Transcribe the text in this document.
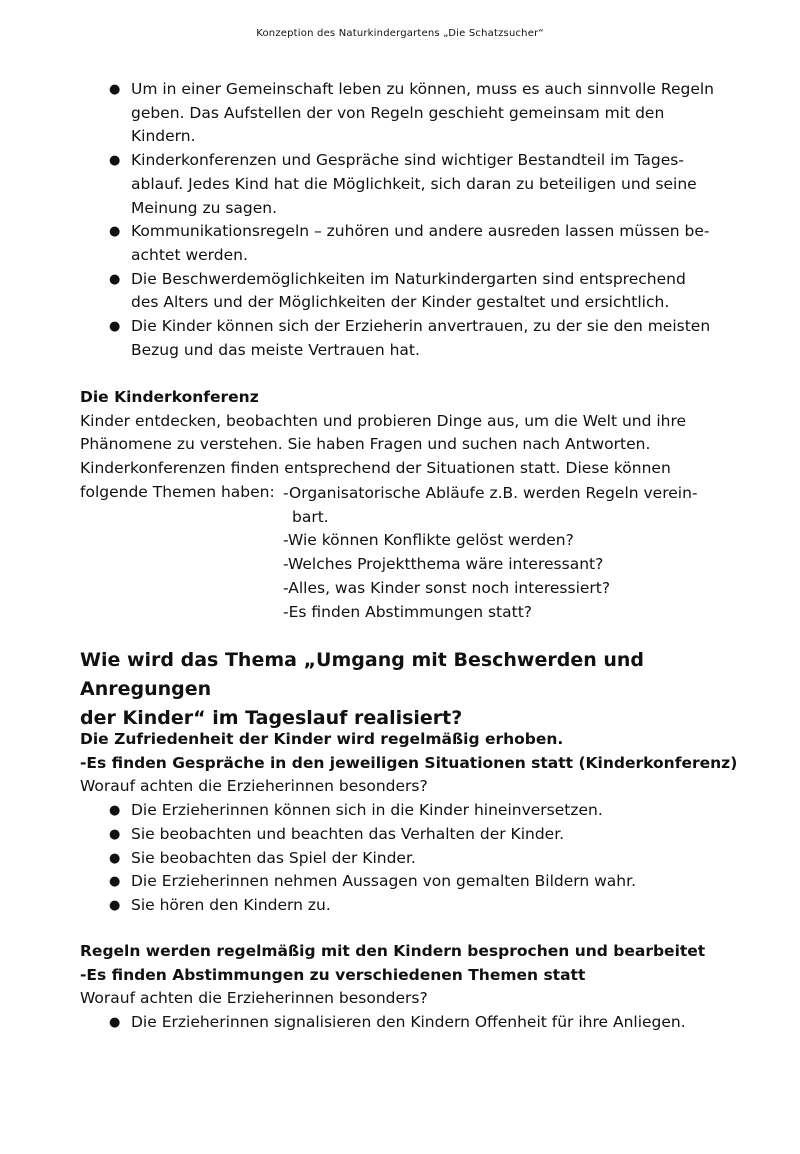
Konzeption des Naturkindergartens „Die Schatzsucher“
● Um in einer Gemeinschaft leben zu können, muss es auch sinnvolle Regeln
geben. Das Aufstellen der von Regeln geschieht gemeinsam mit den
Kindern.
● Kinderkonferenzen und Gespräche sind wichtiger Bestandteil im Tages-
ablauf. Jedes Kind hat die Möglichkeit, sich daran zu beteiligen und seine
Meinung zu sagen.
● Kommunikationsregeln – zuhören und andere ausreden lassen müssen be-
achtet werden.
● Die Beschwerdemöglichkeiten im Naturkindergarten sind entsprechend
des Alters und der Möglichkeiten der Kinder gestaltet und ersichtlich.
● Die Kinder können sich der Erzieherin anvertrauen, zu der sie den meisten
Bezug und das meiste Vertrauen hat.
Die Kinderkonferenz
Kinder entdecken, beobachten und probieren Dinge aus, um die Welt und ihre
Phänomene zu verstehen. Sie haben Fragen und suchen nach Antworten.
Kinderkonferenzen finden entsprechend der Situationen statt. Diese können
folgende Themen haben: -Organisatorische Abläufe z.B. werden Regeln verein-
bart.
-Wie können Konflikte gelöst werden?
-Welches Projektthema wäre interessant?
-Alles, was Kinder sonst noch interessiert?
-Es finden Abstimmungen statt?
Wie wird das Thema „Umgang mit Beschwerden und Anregungen
der Kinder“ im Tageslauf realisiert?
Die Zufriedenheit der Kinder wird regelmäßig erhoben.
-Es finden Gespräche in den jeweiligen Situationen statt (Kinderkonferenz)
Worauf achten die Erzieherinnen besonders?
● Die Erzieherinnen können sich in die Kinder hineinversetzen.
● Sie beobachten und beachten das Verhalten der Kinder.
● Sie beobachten das Spiel der Kinder.
● Die Erzieherinnen nehmen Aussagen von gemalten Bildern wahr.
● Sie hören den Kindern zu.
Regeln werden regelmäßig mit den Kindern besprochen und bearbeitet
-Es finden Abstimmungen zu verschiedenen Themen statt
Worauf achten die Erzieherinnen besonders?
● Die Erzieherinnen signalisieren den Kindern Offenheit für ihre Anliegen.
